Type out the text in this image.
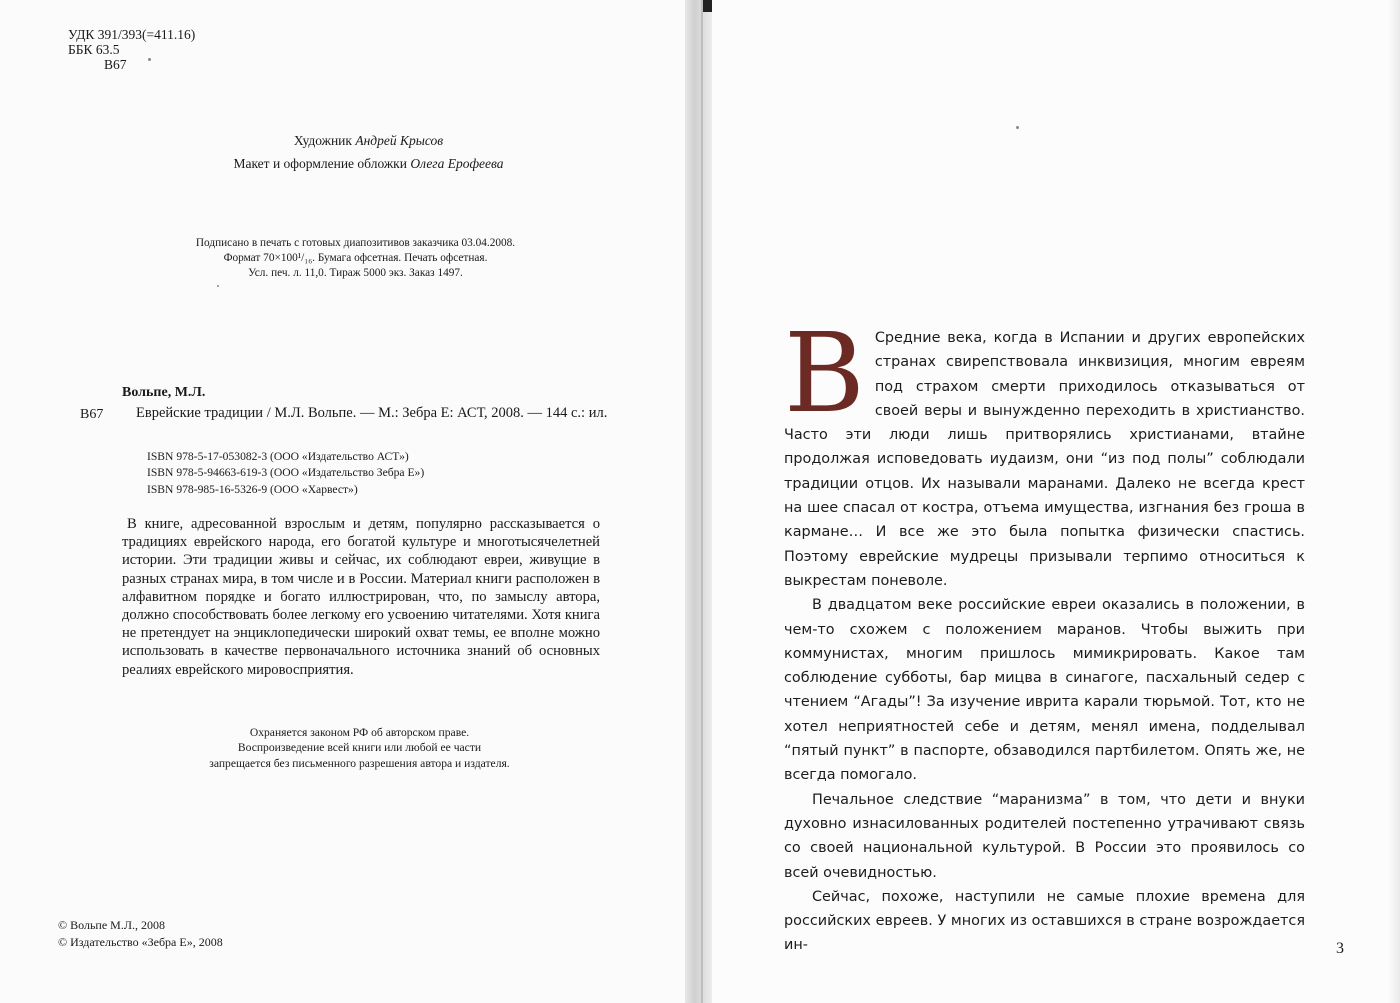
УДК 391/393(=411.16)
ББК 63.5
В67
Художник Андрей Крысов
Макет и оформление обложки Олега Ерофеева
Подписано в печать с готовых диапозитивов заказчика 03.04.2008.
Формат 70×100¹/₁₆. Бумага офсетная. Печать офсетная.
Усл. печ. л. 11,0. Тираж 5000 экз. Заказ 1497.
Вольпе, М.Л.
В67	Еврейские традиции / М.Л. Вольпе. — М.: Зебра Е: АСТ, 2008. — 144 с.: ил.
ISBN 978-5-17-053082-3 (ООО «Издательство АСТ»)
ISBN 978-5-94663-619-3 (ООО «Издательство Зебра Е»)
ISBN 978-985-16-5326-9 (ООО «Харвест»)
В книге, адресованной взрослым и детям, популярно рассказывается о традициях еврейского народа, его богатой культуре и многотысячелетней истории. Эти традиции живы и сейчас, их соблюдают евреи, живущие в разных странах мира, в том числе и в России. Материал книги расположен в алфавитном порядке и богато иллюстрирован, что, по замыслу автора, должно способствовать более легкому его усвоению читателями. Хотя книга не претендует на энциклопедически широкий охват темы, ее вполне можно использовать в качестве первоначального источника знаний об основных реалиях еврейского мировосприятия.
Охраняется законом РФ об авторском праве.
Воспроизведение всей книги или любой ее части
запрещается без письменного разрешения автора и издателя.
© Вольпе М.Л., 2008
© Издательство «Зебра Е», 2008

В Средние века, когда в Испании и других европейских странах свирепствовала инквизиция, многим евреям под страхом смерти приходилось отказываться от своей веры и вынужденно переходить в христианство. Часто эти люди лишь притворялись христианами, втайне продолжая исповедовать иудаизм, они “из под полы” соблюдали традиции отцов. Их называли маранами. Далеко не всегда крест на шее спасал от костра, отъема имущества, изгнания без гроша в кармане… И все же это была попытка физически спастись. Поэтому еврейские мудрецы призывали терпимо относиться к выкрестам поневоле.

В двадцатом веке российские евреи оказались в положении, в чем-то схожем с положением маранов. Чтобы выжить при коммунистах, многим пришлось мимикрировать. Какое там соблюдение субботы, бар мицва в синагоге, пасхальный седер с чтением “Агады”! За изучение иврита карали тюрьмой. Тот, кто не хотел неприятностей себе и детям, менял имена, подделывал “пятый пункт” в паспорте, обзаводился партбилетом. Опять же, не всегда помогало.

Печальное следствие “маранизма” в том, что дети и внуки духовно изнасилованных родителей постепенно утрачивают связь со своей национальной культурой. В России это проявилось со всей очевидностью.

Сейчас, похоже, наступили не самые плохие времена для российских евреев. У многих из оставшихся в стране возрождается ин-	3
